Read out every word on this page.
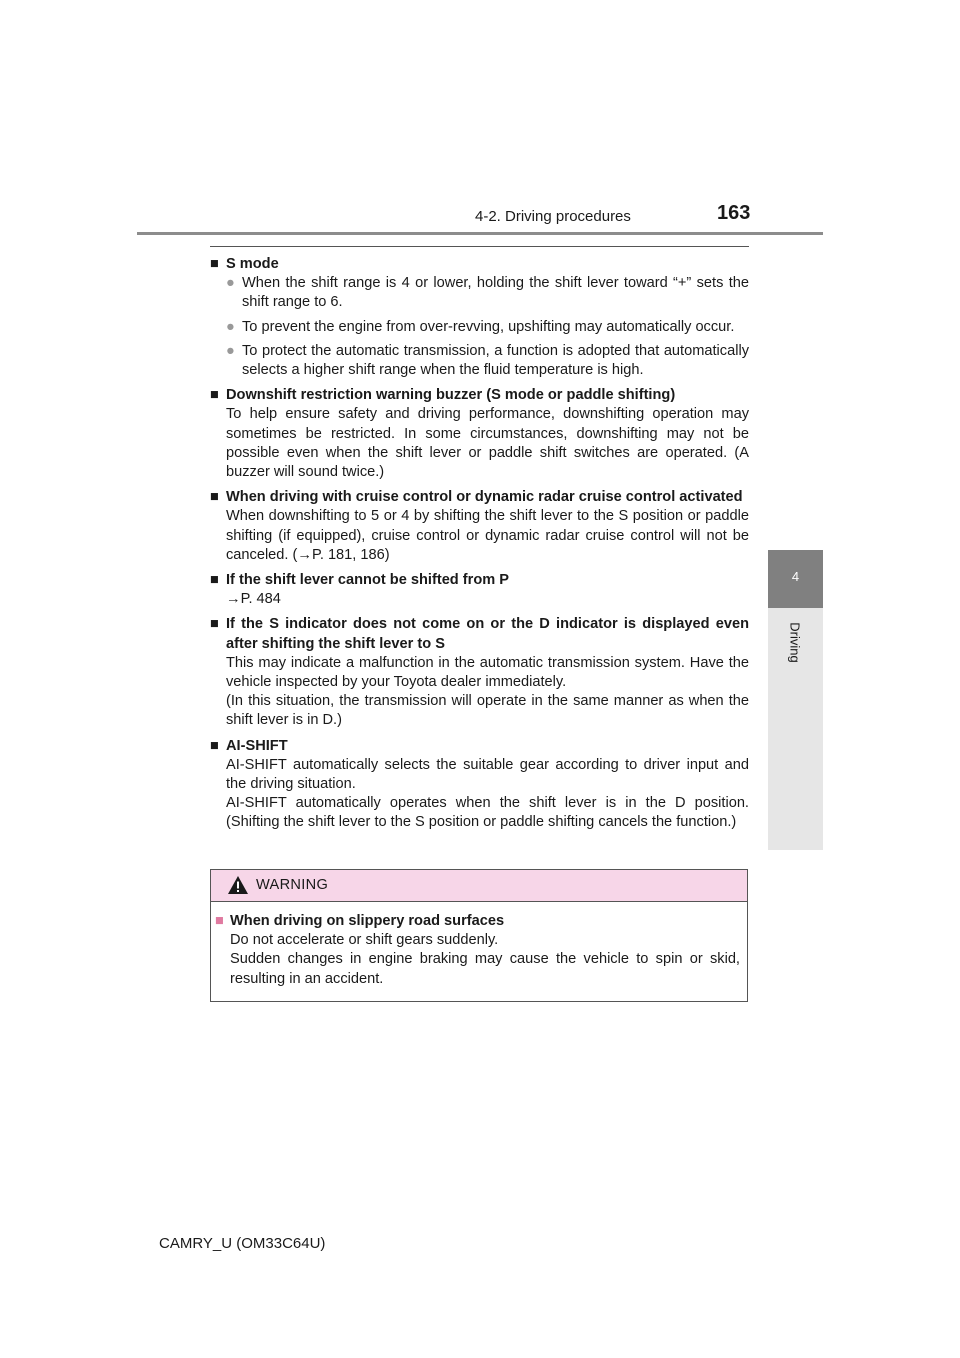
4-2. Driving procedures	163
4
Driving
■ S mode
● When the shift range is 4 or lower, holding the shift lever toward “+” sets the shift range to 6.
● To prevent the engine from over-revving, upshifting may automatically occur.
● To protect the automatic transmission, a function is adopted that automatically selects a higher shift range when the fluid temperature is high.
■ Downshift restriction warning buzzer (S mode or paddle shifting)
To help ensure safety and driving performance, downshifting operation may sometimes be restricted. In some circumstances, downshifting may not be possible even when the shift lever or paddle shift switches are operated. (A buzzer will sound twice.)
■ When driving with cruise control or dynamic radar cruise control activated
When downshifting to 5 or 4 by shifting the shift lever to the S position or paddle shifting (if equipped), cruise control or dynamic radar cruise control will not be canceled. (→P. 181, 186)
■ If the shift lever cannot be shifted from P
→P. 484
■ If the S indicator does not come on or the D indicator is displayed even after shifting the shift lever to S
This may indicate a malfunction in the automatic transmission system. Have the vehicle inspected by your Toyota dealer immediately.
(In this situation, the transmission will operate in the same manner as when the shift lever is in D.)
■ AI-SHIFT
AI-SHIFT automatically selects the suitable gear according to driver input and the driving situation.
AI-SHIFT automatically operates when the shift lever is in the D position. (Shifting the shift lever to the S position or paddle shifting cancels the function.)
WARNING
■ When driving on slippery road surfaces
Do not accelerate or shift gears suddenly.
Sudden changes in engine braking may cause the vehicle to spin or skid, resulting in an accident.
CAMRY_U (OM33C64U)
